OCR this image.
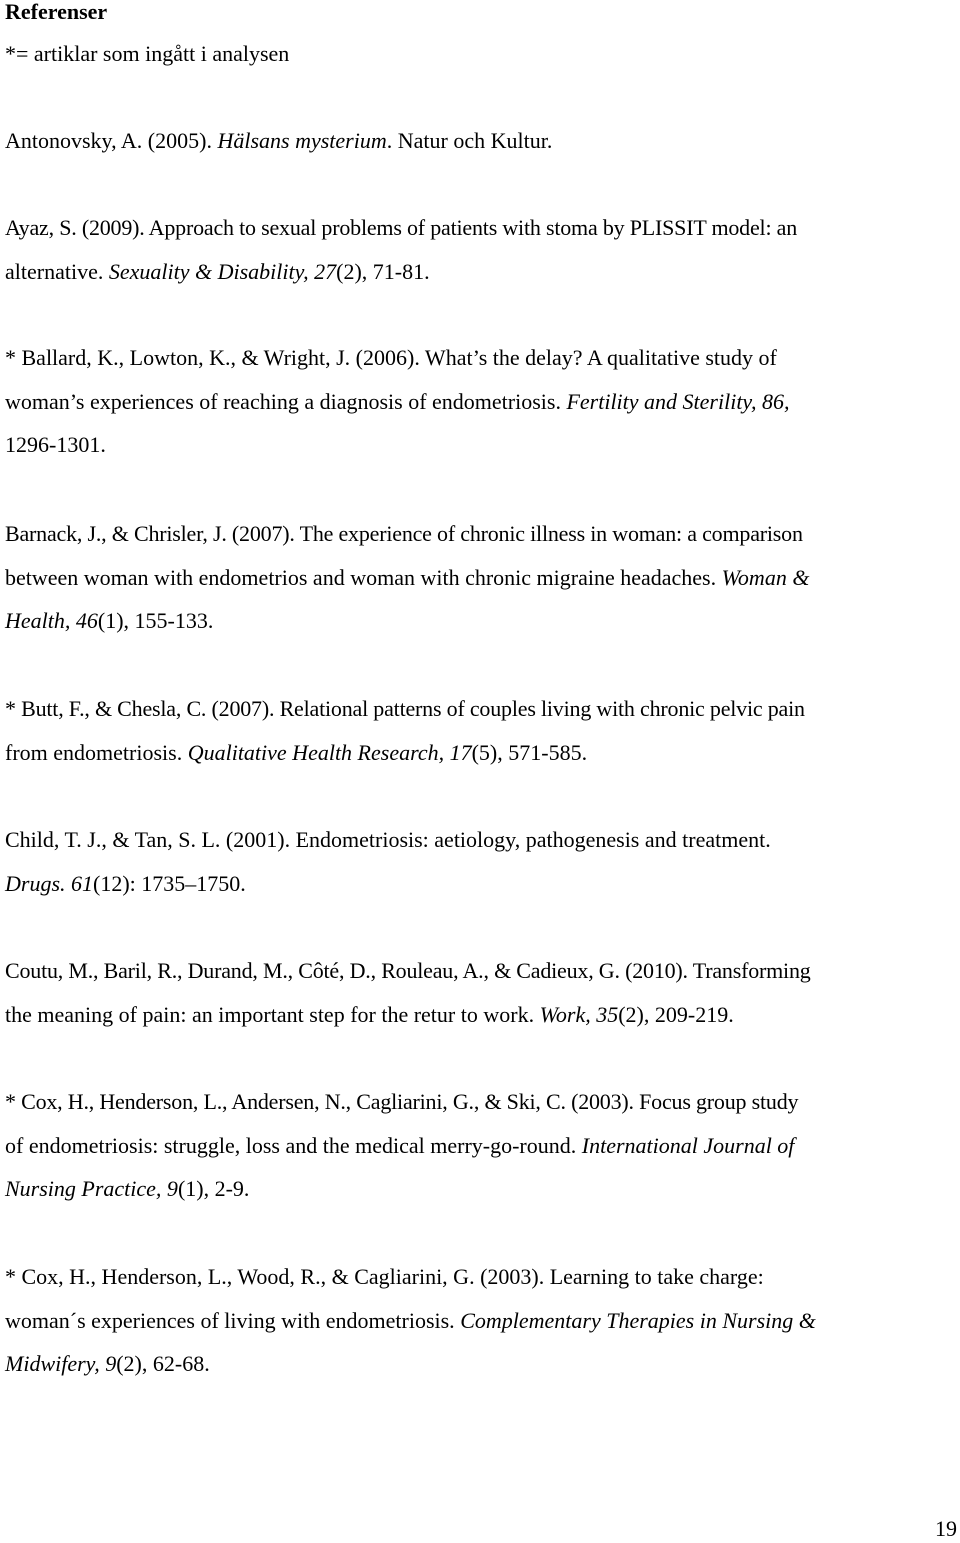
Referenser

*= artiklar som ingått i analysen

Antonovsky, A. (2005). Hälsans mysterium. Natur och Kultur.
Ayaz, S. (2009). Approach to sexual problems of patients with stoma by PLISSIT model: an
alternative. Sexuality & Disability, 27(2), 71-81.
* Ballard, K., Lowton, K., & Wright, J. (2006). What’s the delay? A qualitative study of
woman’s experiences of reaching a diagnosis of endometriosis. Fertility and Sterility, 86,
1296-1301.
Barnack, J., & Chrisler, J. (2007). The experience of chronic illness in woman: a comparison
between woman with endometrios and woman with chronic migraine headaches. Woman &
Health, 46(1), 155-133.
* Butt, F., & Chesla, C. (2007). Relational patterns of couples living with chronic pelvic pain
from endometriosis. Qualitative Health Research, 17(5), 571-585.
Child, T. J., & Tan, S. L. (2001). Endometriosis: aetiology, pathogenesis and treatment.
Drugs. 61(12): 1735–1750.
Coutu, M., Baril, R., Durand, M., Côté, D., Rouleau, A., & Cadieux, G. (2010). Transforming
the meaning of pain: an important step for the retur to work. Work, 35(2), 209-219.
* Cox, H., Henderson, L., Andersen, N., Cagliarini, G., & Ski, C. (2003). Focus group study
of endometriosis: struggle, loss and the medical merry-go-round. International Journal of
Nursing Practice, 9(1), 2-9.
* Cox, H., Henderson, L., Wood, R., & Cagliarini, G. (2003). Learning to take charge:
woman´s experiences of living with endometriosis. Complementary Therapies in Nursing &
Midwifery, 9(2), 62-68.
19
